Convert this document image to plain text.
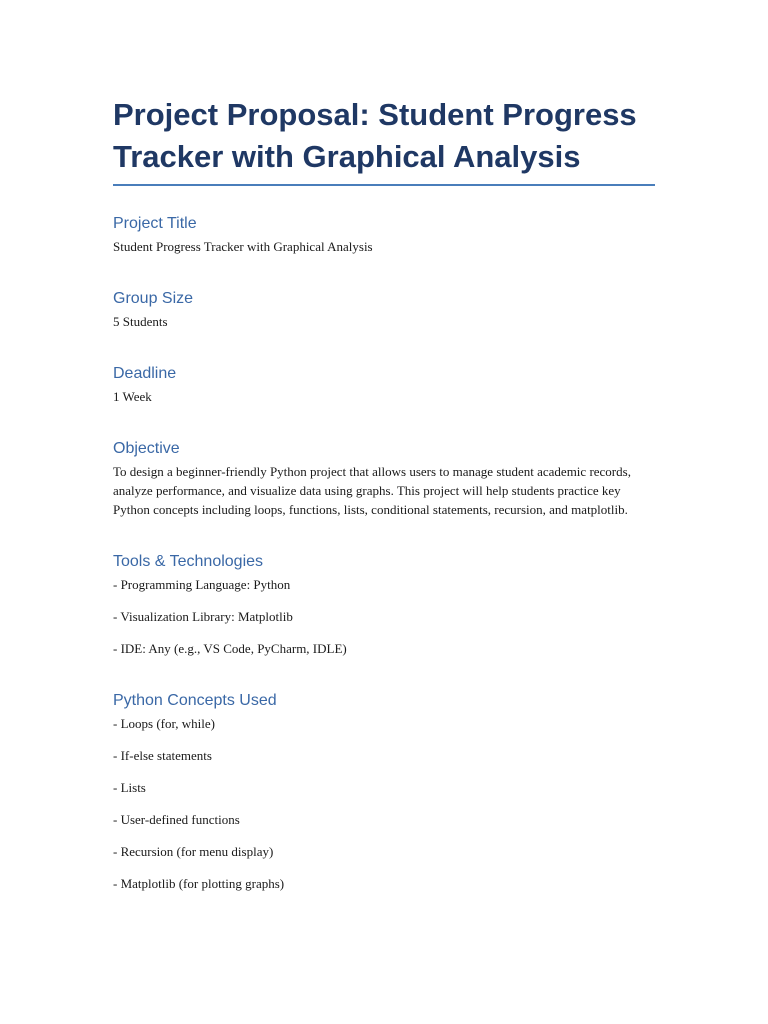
Project Proposal: Student Progress Tracker with Graphical Analysis
Project Title

Student Progress Tracker with Graphical Analysis

Group Size

5 Students

Deadline

1 Week

Objective

To design a beginner-friendly Python project that allows users to manage student academic records, analyze performance, and visualize data using graphs. This project will help students practice key Python concepts including loops, functions, lists, conditional statements, recursion, and matplotlib.

Tools & Technologies

- Programming Language: Python

- Visualization Library: Matplotlib

- IDE: Any (e.g., VS Code, PyCharm, IDLE)

Python Concepts Used

- Loops (for, while)

- If-else statements

- Lists

- User-defined functions

- Recursion (for menu display)

- Matplotlib (for plotting graphs)
